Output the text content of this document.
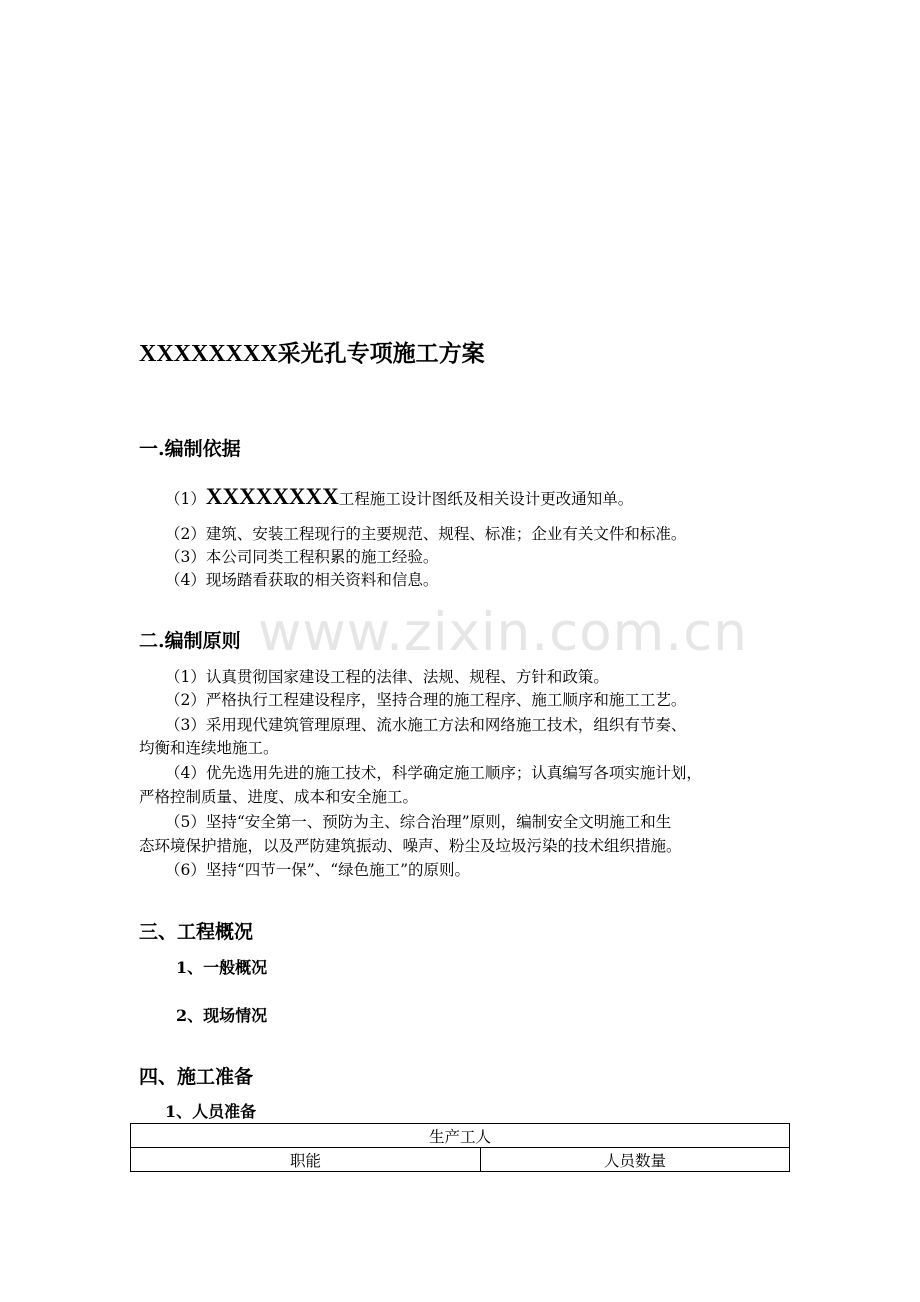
XXXXXXXX采光孔专项施工方案
www.zixin.com.cn
一.编制依据
（1）XXXXXXXX工程施工设计图纸及相关设计更改通知单。
（2）建筑、安装工程现行的主要规范、规程、标准；企业有关文件和标准。
（3）本公司同类工程积累的施工经验。
（4）现场踏看获取的相关资料和信息。
二.编制原则
（1）认真贯彻国家建设工程的法律、法规、规程、方针和政策。
（2）严格执行工程建设程序，坚持合理的施工程序、施工顺序和施工工艺。
（3）采用现代建筑管理原理、流水施工方法和网络施工技术，组织有节奏、
均衡和连续地施工。
（4）优先选用先进的施工技术，科学确定施工顺序；认真编写各项实施计划，
严格控制质量、进度、成本和安全施工。
（5）坚持“安全第一、预防为主、综合治理”原则，编制安全文明施工和生
态环境保护措施，以及严防建筑振动、噪声、粉尘及垃圾污染的技术组织措施。
（6）坚持“四节一保”、“绿色施工”的原则。
三、工程概况
1、一般概况
2、现场情况
四、施工准备
1、人员准备
生产工人
职能	人员数量
